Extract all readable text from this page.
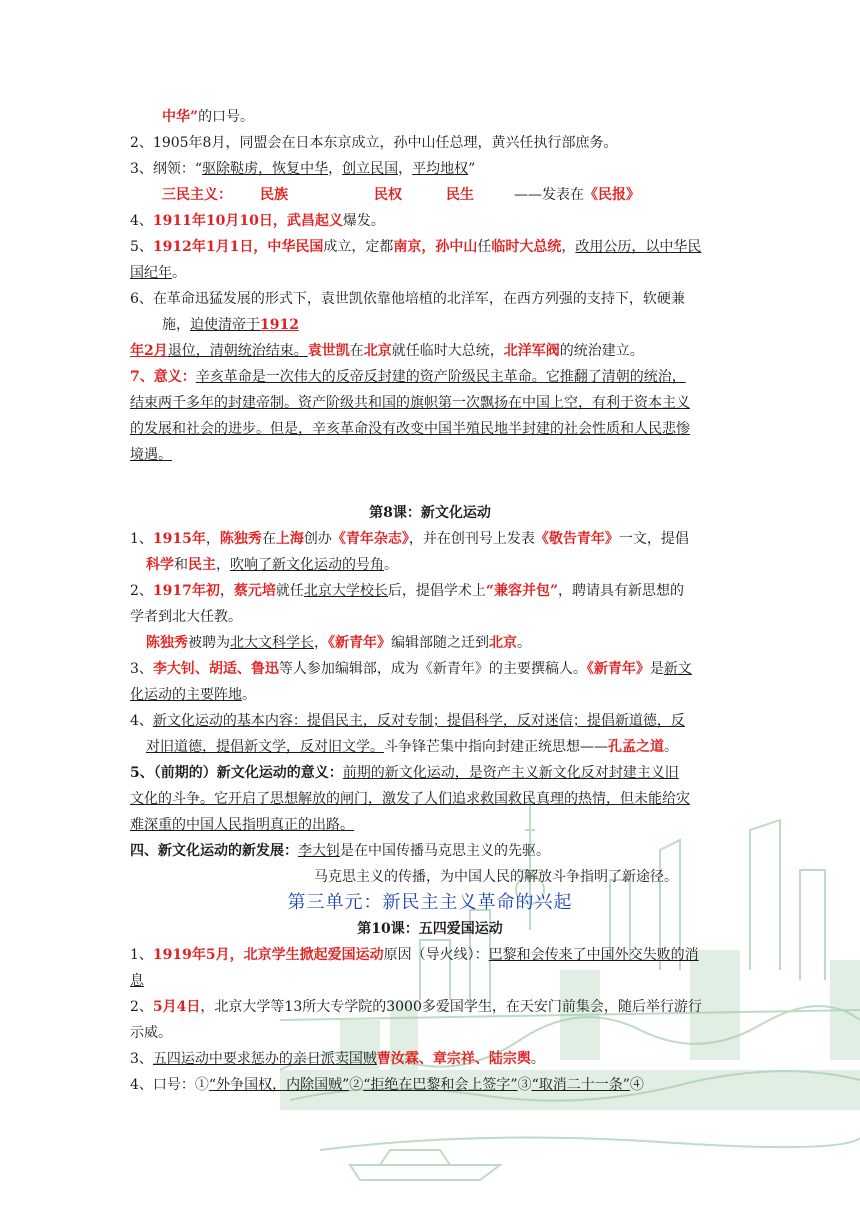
中华”的口号。
2、1905年8月，同盟会在日本东京成立，孙中山任总理，黄兴任执行部庶务。
3、纲领：“驱除鞑虏，恢复中华，创立民国，平均地权”
三民主义： 民族	民权	民生	——发表在《民报》
4、1911年10月10日，武昌起义爆发。
5、1912年1月1日，中华民国成立，定都南京，孙中山任临时大总统，改用公历，以中华民
国纪年。
6、在革命迅猛发展的形式下，袁世凯依靠他培植的北洋军，在西方列强的支持下，软硬兼
施，迫使清帝于1912
年2月退位，清朝统治结束。袁世凯在北京就任临时大总统，北洋军阀的统治建立。
7、意义：辛亥革命是一次伟大的反帝反封建的资产阶级民主革命。它推翻了清朝的统治，
结束两千多年的封建帝制。资产阶级共和国的旗帜第一次飘扬在中国上空，有利于资本主义
的发展和社会的进步。但是，辛亥革命没有改变中国半殖民地半封建的社会性质和人民悲惨
境遇。
第8课：新文化运动
1、1915年，陈独秀在上海创办《青年杂志》，并在创刊号上发表《敬告青年》一文，提倡
科学和民主，吹响了新文化运动的号角。
2、1917年初，蔡元培就任北京大学校长后，提倡学术上“兼容并包”，聘请具有新思想的
学者到北大任教。
陈独秀被聘为北大文科学长，《新青年》编辑部随之迁到北京。
3、李大钊、胡适、鲁迅等人参加编辑部，成为《新青年》的主要撰稿人。《新青年》是新文
化运动的主要阵地。
4、新文化运动的基本内容：提倡民主，反对专制；提倡科学，反对迷信；提倡新道德，反
对旧道德，提倡新文学，反对旧文学。斗争锋芒集中指向封建正统思想——孔孟之道。
5、（前期的）新文化运动的意义：前期的新文化运动，是资产主义新文化反对封建主义旧
文化的斗争。它开启了思想解放的闸门，激发了人们追求救国救民真理的热情，但未能给灾
难深重的中国人民指明真正的出路。
四、新文化运动的新发展：李大钊是在中国传播马克思主义的先驱。
马克思主义的传播，为中国人民的解放斗争指明了新途径。
第三单元：新民主主义革命的兴起
第10课：五四爱国运动
1、1919年5月，北京学生掀起爱国运动原因（导火线）：巴黎和会传来了中国外交失败的消
息
2、5月4日，北京大学等13所大专学院的3000多爱国学生，在天安门前集会，随后举行游行
示威。
3、五四运动中要求惩办的亲日派卖国贼曹汝霖、章宗祥、陆宗舆。
4、口号：①“外争国权，内除国贼”②“拒绝在巴黎和会上签字”③“取消二十一条”④
